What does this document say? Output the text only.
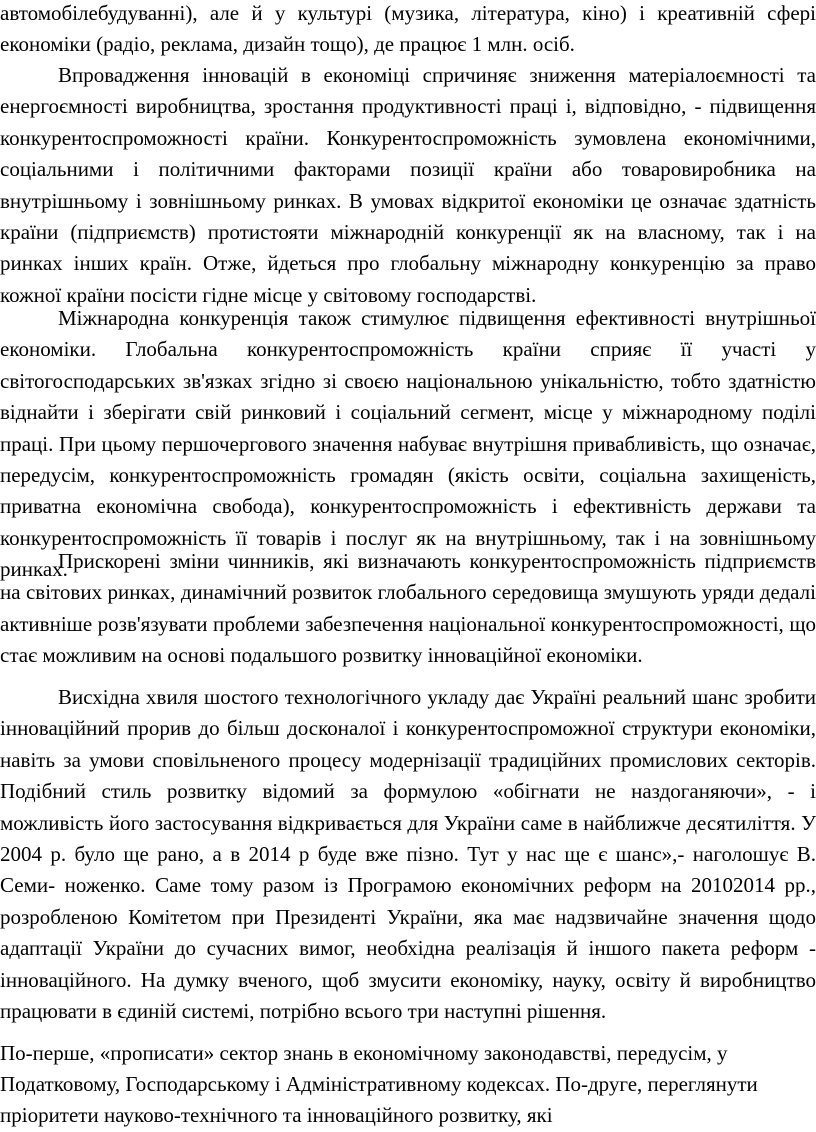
автомобілебудуванні), але й у культурі (музика, література, кіно) і креативній сфері економіки (радіо, реклама, дизайн тощо), де працює 1 млн. осіб.

Впровадження інновацій в економіці спричиняє зниження матеріалоємності та енергоємності виробництва, зростання продуктивності праці і, відповідно, - підвищення конкурентоспроможності країни. Конкурентоспроможність зумовлена економічними, соціальними і політичними факторами позиції країни або товаровиробника на внутрішньому і зовнішньому ринках. В умовах відкритої економіки це означає здатність країни (підприємств) протистояти міжнародній конкуренції як на власному, так і на ринках інших країн. Отже, йдеться про глобальну міжнародну конкуренцію за право кожної країни посісти гідне місце у світовому господарстві.

Міжнародна конкуренція також стимулює підвищення ефективності внутрішньої економіки. Глобальна конкурентоспроможність країни сприяє її участі у світогосподарських зв'язках згідно зі своєю національною унікальністю, тобто здатністю віднайти і зберігати свій ринковий і соціальний сегмент, місце у міжнародному поділі праці. При цьому першочергового значення набуває внутрішня привабливість, що означає, передусім, конкурентоспроможність громадян (якість освіти, соціальна захищеність, приватна економічна свобода), конкурентоспроможність і ефективність держави та конкурентоспроможність її товарів і послуг як на внутрішньому, так і на зовнішньому ринках.

Прискорені зміни чинників, які визначають конкурентоспроможність підприємств на світових ринках, динамічний розвиток глобального середовища змушують уряди дедалі активніше розв'язувати проблеми забезпечення національної конкурентоспроможності, що стає можливим на основі подальшого розвитку інноваційної економіки.

Висхідна хвиля шостого технологічного укладу дає Україні реальний шанс зробити інноваційний прорив до більш досконалої і конкурентоспроможної структури економіки, навіть за умови сповільненого процесу модернізації традиційних промислових секторів. Подібний стиль розвитку відомий за формулою «обігнати не наздоганяючи», - і можливість його застосування відкривається для України саме в найближче десятиліття. У 2004 р. було ще рано, а в 2014 р буде вже пізно. Тут у нас ще є шанс»,- наголошує В. Семи- ноженко. Саме тому разом із Програмою економічних реформ на 20102014 рр., розробленою Комітетом при Президенті України, яка має надзвичайне значення щодо адаптації України до сучасних вимог, необхідна реалізація й іншого пакета реформ - інноваційного. На думку вченого, щоб змусити економіку, науку, освіту й виробництво працювати в єдиній системі, потрібно всього три наступні рішення.

По-перше, «прописати» сектор знань в економічному законодавстві, передусім, у Податковому, Господарському і Адміністративному кодексах. По-друге, переглянути пріоритети науково-технічного та інноваційного розвитку, які
